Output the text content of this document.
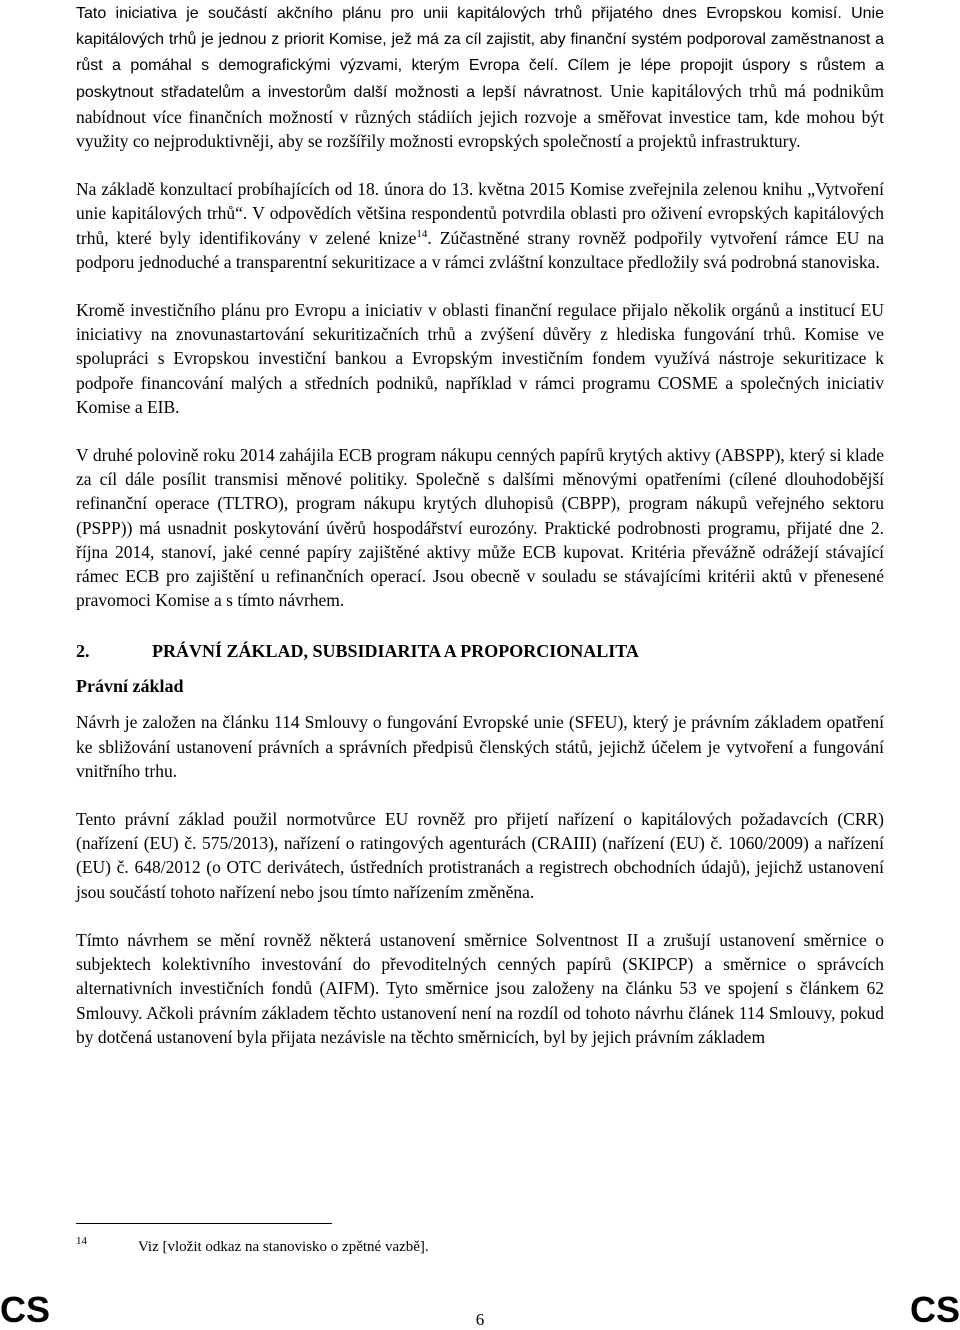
Tato iniciativa je součástí akčního plánu pro unii kapitálových trhů přijatého dnes Evropskou komisí. Unie kapitálových trhů je jednou z priorit Komise, jež má za cíl zajistit, aby finanční systém podporoval zaměstnanost a růst a pomáhal s demografickými výzvami, kterým Evropa čelí. Cílem je lépe propojit úspory s růstem a poskytnout střadatelům a investorům další možnosti a lepší návratnost. Unie kapitálových trhů má podnikům nabídnout více finančních možností v různých stádiích jejich rozvoje a směřovat investice tam, kde mohou být využity co nejproduktivněji, aby se rozšířily možnosti evropských společností a projektů infrastruktury.

Na základě konzultací probíhajících od 18. února do 13. května 2015 Komise zveřejnila zelenou knihu „Vytvoření unie kapitálových trhů“. V odpovědích většina respondentů potvrdila oblasti pro oživení evropských kapitálových trhů, které byly identifikovány v zelené knize$^{14}$. Zúčastněné strany rovněž podpořily vytvoření rámce EU na podporu jednoduché a transparentní sekuritizace a v rámci zvláštní konzultace předložily svá podrobná stanoviska.

Kromě investičního plánu pro Evropu a iniciativ v oblasti finanční regulace přijalo několik orgánů a institucí EU iniciativy na znovunastartování sekuritizačních trhů a zvýšení důvěry z hlediska fungování trhů. Komise ve spolupráci s Evropskou investiční bankou a Evropským investičním fondem využívá nástroje sekuritizace k podpoře financování malých a středních podniků, například v rámci programu COSME a společných iniciativ Komise a EIB.

V druhé polovině roku 2014 zahájila ECB program nákupu cenných papírů krytých aktivy (ABSPP), který si klade za cíl dále posílit transmisi měnové politiky. Společně s dalšími měnovými opatřeními (cílené dlouhodobější refinanční operace (TLTRO), program nákupu krytých dluhopisů (CBPP), program nákupů veřejného sektoru (PSPP)) má usnadnit poskytování úvěrů hospodářství eurozóny. Praktické podrobnosti programu, přijaté dne 2. října 2014, stanoví, jaké cenné papíry zajištěné aktivy může ECB kupovat. Kritéria převážně odrážejí stávající rámec ECB pro zajištění u refinančních operací. Jsou obecně v souladu se stávajícími kritérii aktů v přenesené pravomoci Komise a s tímto návrhem.

2.	PRÁVNÍ ZÁKLAD, SUBSIDIARITA A PROPORCIONALITA
Právní základ

Návrh je založen na článku 114 Smlouvy o fungování Evropské unie (SFEU), který je právním základem opatření ke sbližování ustanovení právních a správních předpisů členských států, jejichž účelem je vytvoření a fungování vnitřního trhu.

Tento právní základ použil normotvůrce EU rovněž pro přijetí nařízení o kapitálových požadavcích (CRR) (nařízení (EU) č. 575/2013), nařízení o ratingových agenturách (CRAIII) (nařízení (EU) č. 1060/2009) a nařízení (EU) č. 648/2012 (o OTC derivátech, ústředních protistranách a registrech obchodních údajů), jejichž ustanovení jsou součástí tohoto nařízení nebo jsou tímto nařízením změněna.

Tímto návrhem se mění rovněž některá ustanovení směrnice Solventnost II a zrušují ustanovení směrnice o subjektech kolektivního investování do převoditelných cenných papírů (SKIPCP) a směrnice o správcích alternativních investičních fondů (AIFM). Tyto směrnice jsou založeny na článku 53 ve spojení s článkem 62 Smlouvy. Ačkoli právním základem těchto ustanovení není na rozdíl od tohoto návrhu článek 114 Smlouvy, pokud by dotčená ustanovení byla přijata nezávisle na těchto směrnicích, byl by jejich právním základem

14	Viz [vložit odkaz na stanovisko o zpětné vazbě].
CS	6	CS
